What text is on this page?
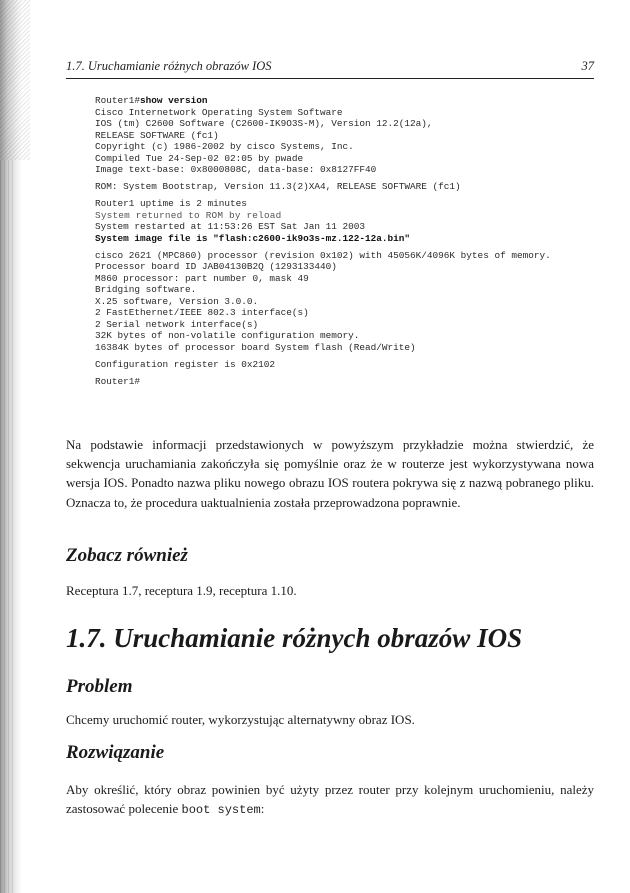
1.7. Uruchamianie różnych obrazów IOS	37
Router1#show version
Cisco Internetwork Operating System Software
IOS (tm) C2600 Software (C2600-IK9O3S-M), Version 12.2(12a),
RELEASE SOFTWARE (fc1)
Copyright (c) 1986-2002 by cisco Systems, Inc.
Compiled Tue 24-Sep-02 02:05 by pwade
Image text-base: 0x8000808C, data-base: 0x8127FF40
ROM: System Bootstrap, Version 11.3(2)XA4, RELEASE SOFTWARE (fc1)
Router1 uptime is 2 minutes
System returned to ROM by reload
System restarted at 11:53:26 EST Sat Jan 11 2003
System image file is "flash:c2600-ik9o3s-mz.122-12a.bin"
cisco 2621 (MPC860) processor (revision 0x102) with 45056K/4096K bytes of memory.
Processor board ID JAB04130B2Q (1293133440)
M860 processor: part number 0, mask 49
Bridging software.
X.25 software, Version 3.0.0.
2 FastEthernet/IEEE 802.3 interface(s)
2 Serial network interface(s)
32K bytes of non-volatile configuration memory.
16384K bytes of processor board System flash (Read/Write)
Configuration register is 0x2102
Router1#
Na podstawie informacji przedstawionych w powyższym przykładzie można stwierdzić, że sekwencja uruchamiania zakończyła się pomyślnie oraz że w routerze jest wykorzystywana nowa wersja IOS. Ponadto nazwa pliku nowego obrazu IOS routera pokrywa się z nazwą pobranego pliku. Oznacza to, że procedura uaktualnienia została przeprowadzona poprawnie.
Zobacz również
Receptura 1.7, receptura 1.9, receptura 1.10.
1.7. Uruchamianie różnych obrazów IOS
Problem
Chcemy uruchomić router, wykorzystując alternatywny obraz IOS.
Rozwiązanie
Aby określić, który obraz powinien być użyty przez router przy kolejnym uruchomieniu, należy zastosować polecenie boot system:
